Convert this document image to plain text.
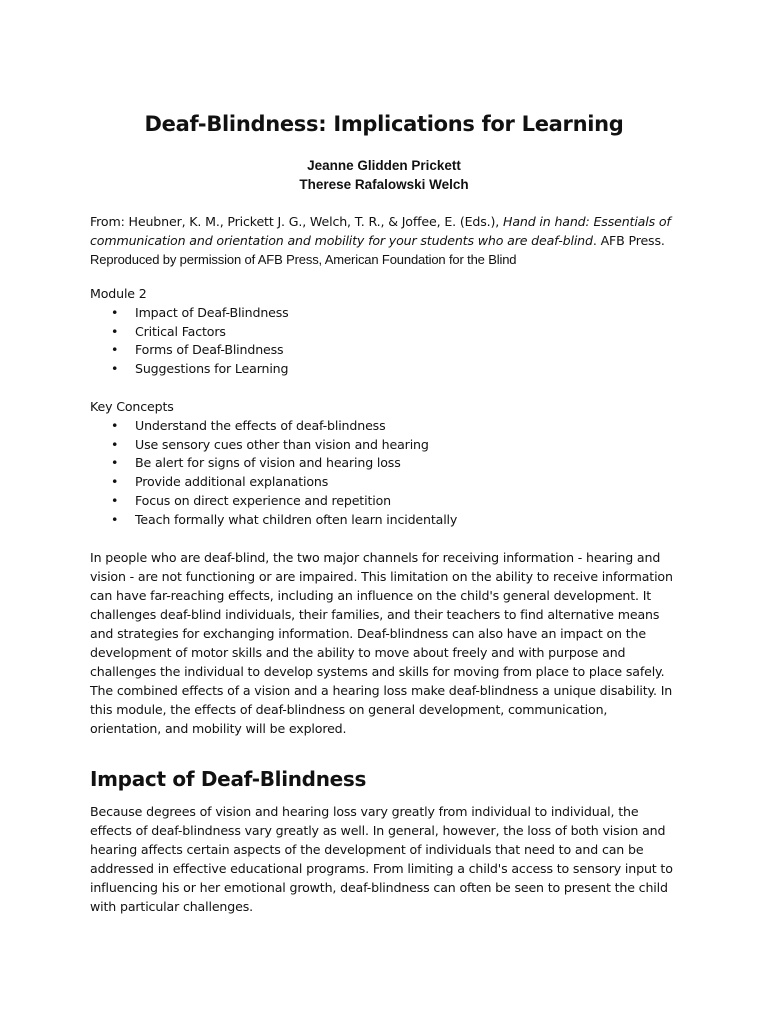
Deaf-Blindness: Implications for Learning
Jeanne Glidden Prickett
Therese Rafalowski Welch
From: Heubner, K. M., Prickett J. G., Welch, T. R., & Joffee, E. (Eds.), Hand in hand: Essentials of communication and orientation and mobility for your students who are deaf-blind. AFB Press.
Reproduced by permission of AFB Press, American Foundation for the Blind
Module 2
• Impact of Deaf-Blindness
• Critical Factors
• Forms of Deaf-Blindness
• Suggestions for Learning
Key Concepts
• Understand the effects of deaf-blindness
• Use sensory cues other than vision and hearing
• Be alert for signs of vision and hearing loss
• Provide additional explanations
• Focus on direct experience and repetition
• Teach formally what children often learn incidentally

In people who are deaf-blind, the two major channels for receiving information - hearing and vision - are not functioning or are impaired. This limitation on the ability to receive information can have far-reaching effects, including an influence on the child's general development. It challenges deaf-blind individuals, their families, and their teachers to find alternative means and strategies for exchanging information. Deaf-blindness can also have an impact on the development of motor skills and the ability to move about freely and with purpose and challenges the individual to develop systems and skills for moving from place to place safely. The combined effects of a vision and a hearing loss make deaf-blindness a unique disability. In this module, the effects of deaf-blindness on general development, communication, orientation, and mobility will be explored.

Impact of Deaf-Blindness

Because degrees of vision and hearing loss vary greatly from individual to individual, the effects of deaf-blindness vary greatly as well. In general, however, the loss of both vision and hearing affects certain aspects of the development of individuals that need to and can be addressed in effective educational programs. From limiting a child's access to sensory input to influencing his or her emotional growth, deaf-blindness can often be seen to present the child with particular challenges.
